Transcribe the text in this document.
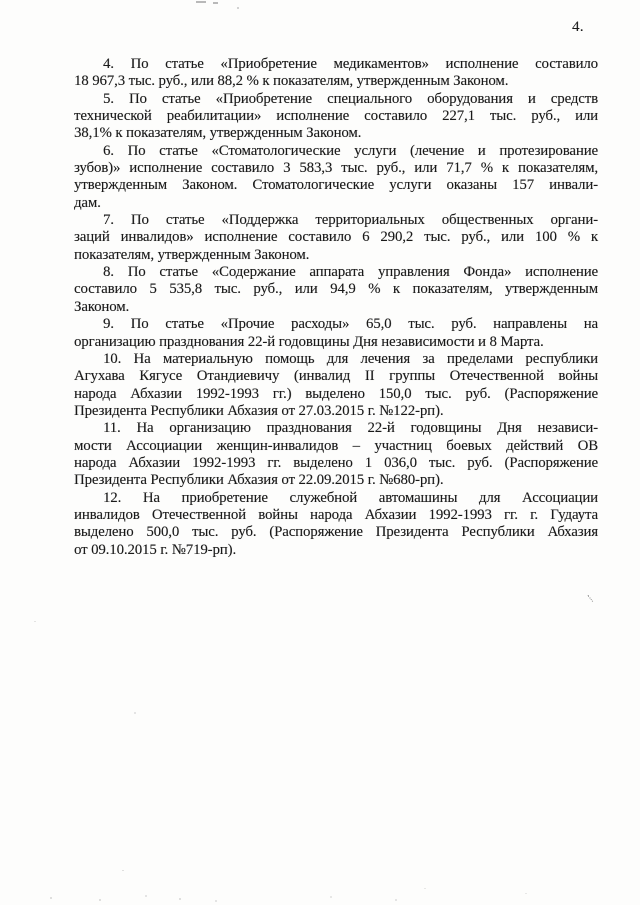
4.
4. По статье «Приобретение медикаментов» исполнение составило
18 967,3 тыс. руб., или 88,2 % к показателям, утвержденным Законом.
5. По статье «Приобретение специального оборудования и средств
технической реабилитации» исполнение составило 227,1 тыс. руб., или
38,1% к показателям, утвержденным Законом.
6. По статье «Стоматологические услуги (лечение и протезирование
зубов)» исполнение составило 3 583,3 тыс. руб., или 71,7 % к показателям,
утвержденным Законом. Стоматологические услуги оказаны 157 инвали-
дам.
7. По статье «Поддержка территориальных общественных органи-
заций инвалидов» исполнение составило 6 290,2 тыс. руб., или 100 % к
показателям, утвержденным Законом.
8. По статье «Содержание аппарата управления Фонда» исполнение
составило 5 535,8 тыс. руб., или 94,9 % к показателям, утвержденным
Законом.
9. По статье «Прочие расходы» 65,0 тыс. руб. направлены на
организацию празднования 22-й годовщины Дня независимости и 8 Марта.
10. На материальную помощь для лечения за пределами республики
Агухава Кягусе Отандиевичу (инвалид II группы Отечественной войны
народа Абхазии 1992-1993 гг.) выделено 150,0 тыс. руб. (Распоряжение
Президента Республики Абхазия от 27.03.2015 г. №122-рп).
11. На организацию празднования 22-й годовщины Дня независи-
мости Ассоциации женщин-инвалидов – участниц боевых действий ОВ
народа Абхазии 1992-1993 гг. выделено 1 036,0 тыс. руб. (Распоряжение
Президента Республики Абхазия от 22.09.2015 г. №680-рп).
12. На приобретение служебной автомашины для Ассоциации
инвалидов Отечественной войны народа Абхазии 1992-1993 гг. г. Гудаута
выделено 500,0 тыс. руб. (Распоряжение Президента Республики Абхазия
от 09.10.2015 г. №719-рп).
